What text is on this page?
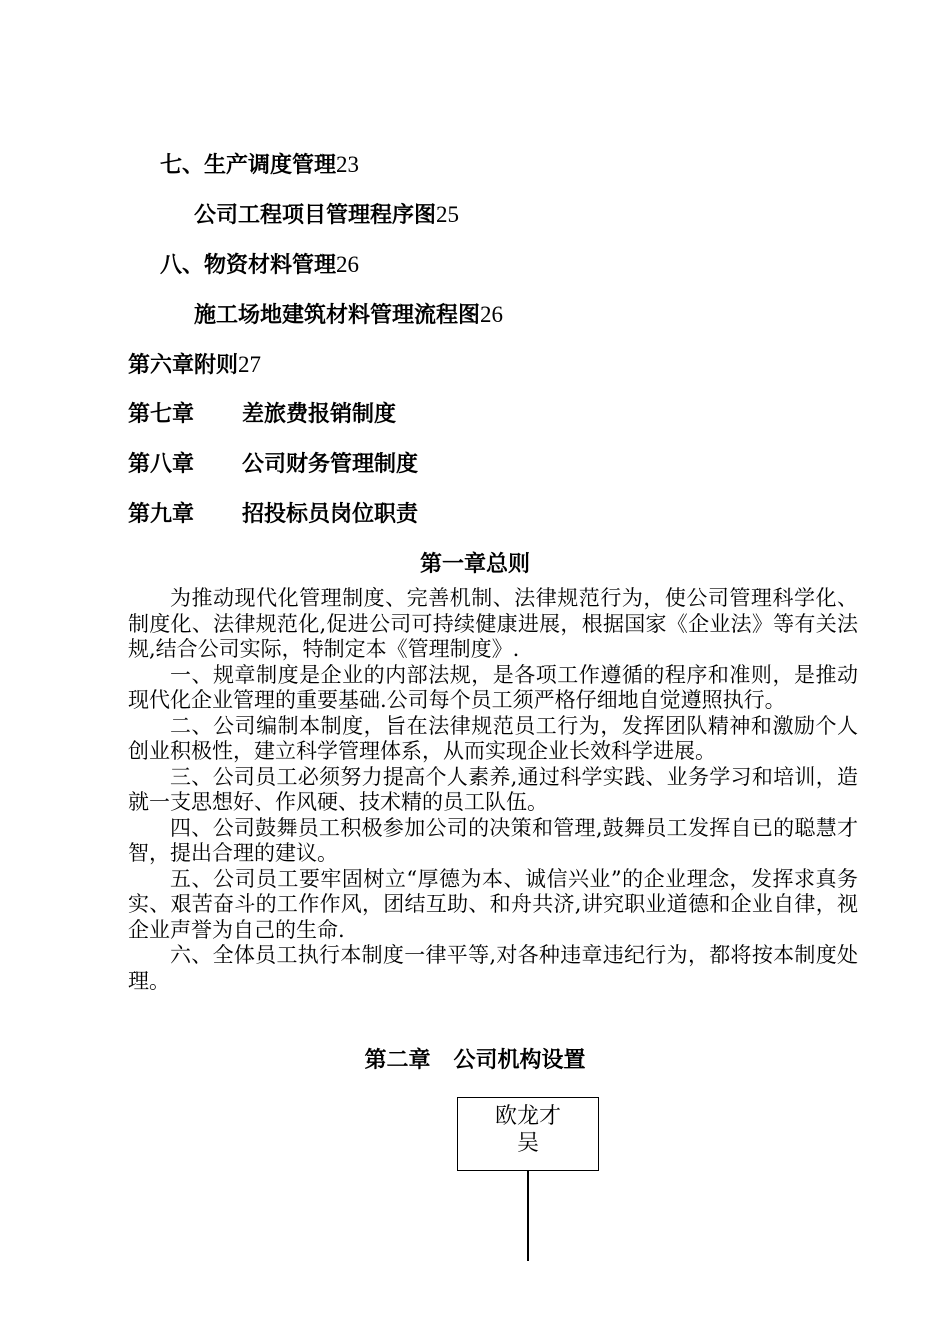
七、生产调度管理23
公司工程项目管理程序图25
八、物资材料管理26
施工场地建筑材料管理流程图26
第六章附则27
第七章 差旅费报销制度
第八章 公司财务管理制度
第九章 招投标员岗位职责
第一章总则

为推动现代化管理制度、完善机制、法律规范行为，使公司管理科学化、制度化、法律规范化,促进公司可持续健康进展，根据国家《企业法》等有关法规,结合公司实际，特制定本《管理制度》.

一、规章制度是企业的内部法规，是各项工作遵循的程序和准则，是推动现代化企业管理的重要基础.公司每个员工须严格仔细地自觉遵照执行。

二、公司编制本制度，旨在法律规范员工行为，发挥团队精神和激励个人创业积极性，建立科学管理体系，从而实现企业长效科学进展。

三、公司员工必须努力提高个人素养,通过科学实践、业务学习和培训，造就一支思想好、作风硬、技术精的员工队伍。

四、公司鼓舞员工积极参加公司的决策和管理,鼓舞员工发挥自已的聪慧才智，提出合理的建议。

五、公司员工要牢固树立“厚德为本、诚信兴业”的企业理念，发挥求真务实、艰苦奋斗的工作作风，团结互助、和舟共济,讲究职业道德和企业自律，视企业声誉为自己的生命.

六、全体员工执行本制度一律平等,对各种违章违纪行为，都将按本制度处理。

第二章   公司机构设置
欧龙才
吴
